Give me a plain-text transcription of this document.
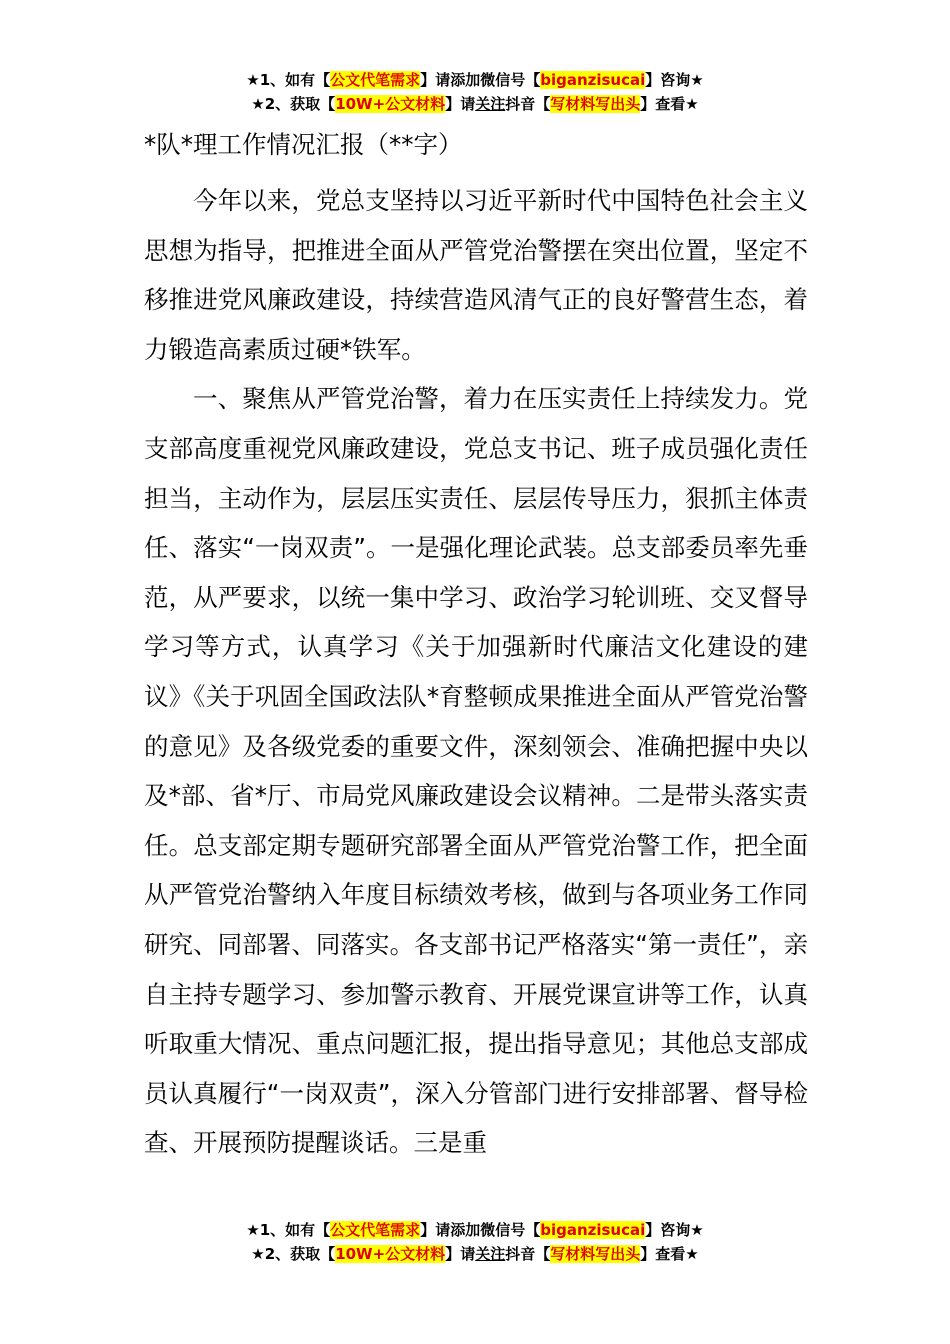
★1、如有【公文代笔需求】请添加微信号【biganzisucai】咨询★
★2、获取【10W+公文材料】请关注抖音【写材料写出头】查看★
*队*理工作情况汇报（**字）

今年以来，党总支坚持以习近平新时代中国特色社会主义思想为指导，把推进全面从严管党治警摆在突出位置，坚定不移推进党风廉政建设，持续营造风清气正的良好警营生态，着力锻造高素质过硬*铁军。

一、聚焦从严管党治警，着力在压实责任上持续发力。党支部高度重视党风廉政建设，党总支书记、班子成员强化责任担当，主动作为，层层压实责任、层层传导压力，狠抓主体责任、落实“一岗双责”。一是强化理论武装。总支部委员率先垂范，从严要求，以统一集中学习、政治学习轮训班、交叉督导学习等方式，认真学习《关于加强新时代廉洁文化建设的建议》《关于巩固全国政法队*育整顿成果推进全面从严管党治警的意见》及各级党委的重要文件，深刻领会、准确把握中央以及*部、省*厅、市局党风廉政建设会议精神。二是带头落实责任。总支部定期专题研究部署全面从严管党治警工作，把全面从严管党治警纳入年度目标绩效考核，做到与各项业务工作同研究、同部署、同落实。各支部书记严格落实“第一责任”，亲自主持专题学习、参加警示教育、开展党课宣讲等工作，认真听取重大情况、重点问题汇报，提出指导意见；其他总支部成员认真履行“一岗双责”，深入分管部门进行安排部署、督导检查、开展预防提醒谈话。三是重

★1、如有【公文代笔需求】请添加微信号【biganzisucai】咨询★
★2、获取【10W+公文材料】请关注抖音【写材料写出头】查看★
